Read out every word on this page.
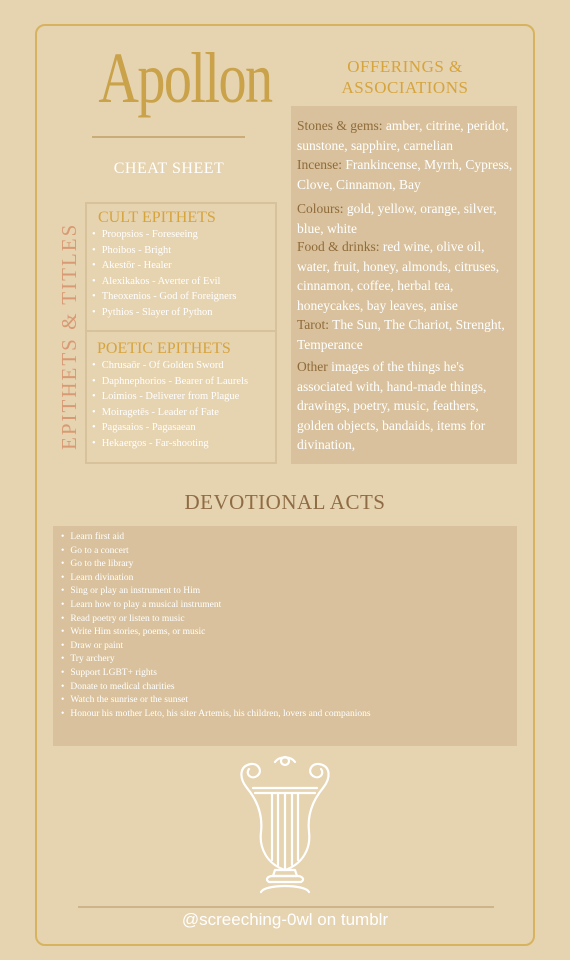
Apollon
CHEAT SHEET
EPITHETS & TITLES
CULT EPITHETS
• Proopsios - Foreseeing
• Phoibos - Bright
• Akestōr - Healer
• Alexikakos - Averter of Evil
• Theoxenios - God of Foreigners
• Pythios - Slayer of Python
POETIC EPITHETS
• Chrusaōr - Of Golden Sword
• Daphnephorios - Bearer of Laurels
• Loimios - Deliverer from Plague
• Moiragetēs - Leader of Fate
• Pagasaios - Pagasaean
• Hekaergos - Far-shooting
OFFERINGS &
ASSOCIATIONS

Stones & gems: amber, citrine, peridot, sunstone, sapphire, carnelian

Incense: Frankincense, Myrrh, Cypress, Clove, Cinnamon, Bay

Colours: gold, yellow, orange, silver, blue, white

Food & drinks: red wine, olive oil, water, fruit, honey, almonds, citruses, cinnamon, coffee, herbal tea, honeycakes, bay leaves, anise

Tarot: The Sun, The Chariot, Strenght, Temperance

Other images of the things he's associated with, hand-made things, drawings, poetry, music, feathers, golden objects, bandaids, items for divination,

DEVOTIONAL ACTS
• Learn first aid
• Go to a concert
• Go to the library
• Learn divination
• Sing or play an instrument to Him
• Learn how to play a musical instrument
• Read poetry or listen to music
• Write Him stories, poems, or music
• Draw or paint
• Try archery
• Support LGBT+ rights
• Donate to medical charities
• Watch the sunrise or the sunset
• Honour his mother Leto, his siter Artemis, his children, lovers and companions
@screeching-0wl on tumblr
